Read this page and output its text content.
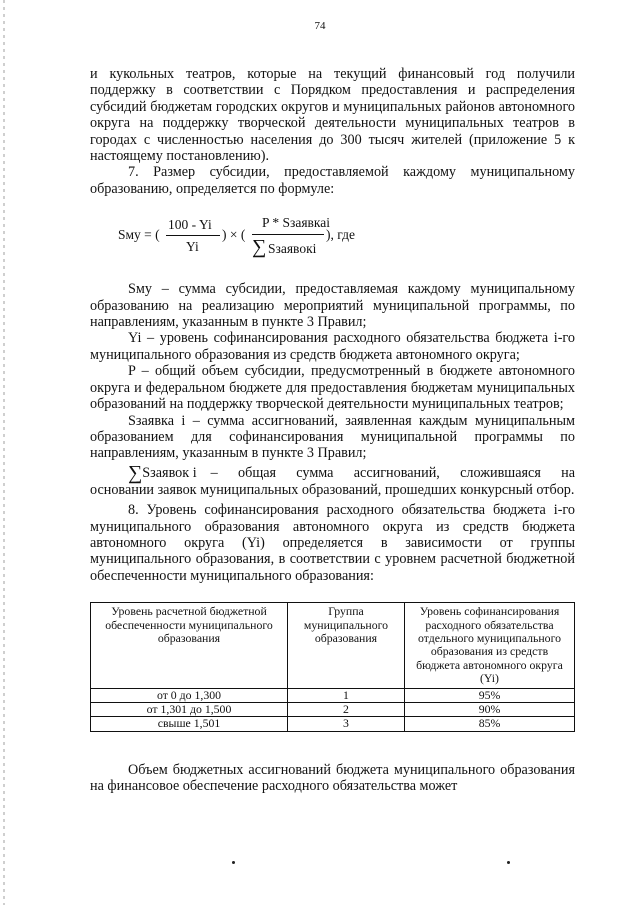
74

и кукольных театров, которые на текущий финансовый год получили поддержку в соответствии с Порядком предоставления и распределения субсидий бюджетам городских округов и муниципальных районов автономного округа на поддержку творческой деятельности муниципальных театров в городах с численностью населения до 300 тысяч жителей (приложение 5 к настоящему постановлению).

7. Размер субсидии, предоставляемой каждому муниципальному образованию, определяется по формуле:

Sму = (
100 - Yi
Yi
) × (
P * Sзаявкаi
∑ Sзаявокi
), где

Sму – сумма субсидии, предоставляемая каждому муниципальному образованию на реализацию мероприятий муниципальной программы, по направлениям, указанным в пункте 3 Правил;

Yi – уровень софинансирования расходного обязательства бюджета i-го муниципального образования из средств бюджета автономного округа;

P – общий объем субсидии, предусмотренный в бюджете автономного округа и федеральном бюджете для предоставления бюджетам муниципальных образований на поддержку творческой деятельности муниципальных театров;

Sзаявка i – сумма ассигнований, заявленная каждым муниципальным образованием для софинансирования муниципальной программы по направлениям, указанным в пункте 3 Правил;

∑ Sзаявок i – общая сумма ассигнований, сложившаяся на

основании заявок муниципальных образований, прошедших конкурсный отбор.

8. Уровень софинансирования расходного обязательства бюджета i-го муниципального образования автономного округа из средств бюджета автономного округа (Yi) определяется в зависимости от группы муниципального образования, в соответствии с уровнем расчетной бюджетной обеспеченности муниципального образования:

Уровень расчетной бюджетной обеспеченности муниципального образования	Группа муниципального образования	Уровень софинансирования расходного обязательства отдельного муниципального образования из средств бюджета автономного округа (Yi)
от 0 до 1,300	1	95%
от 1,301 до 1,500	2	90%
свыше 1,501	3	85%

Объем бюджетных ассигнований бюджета муниципального образования на финансовое обеспечение расходного обязательства может
